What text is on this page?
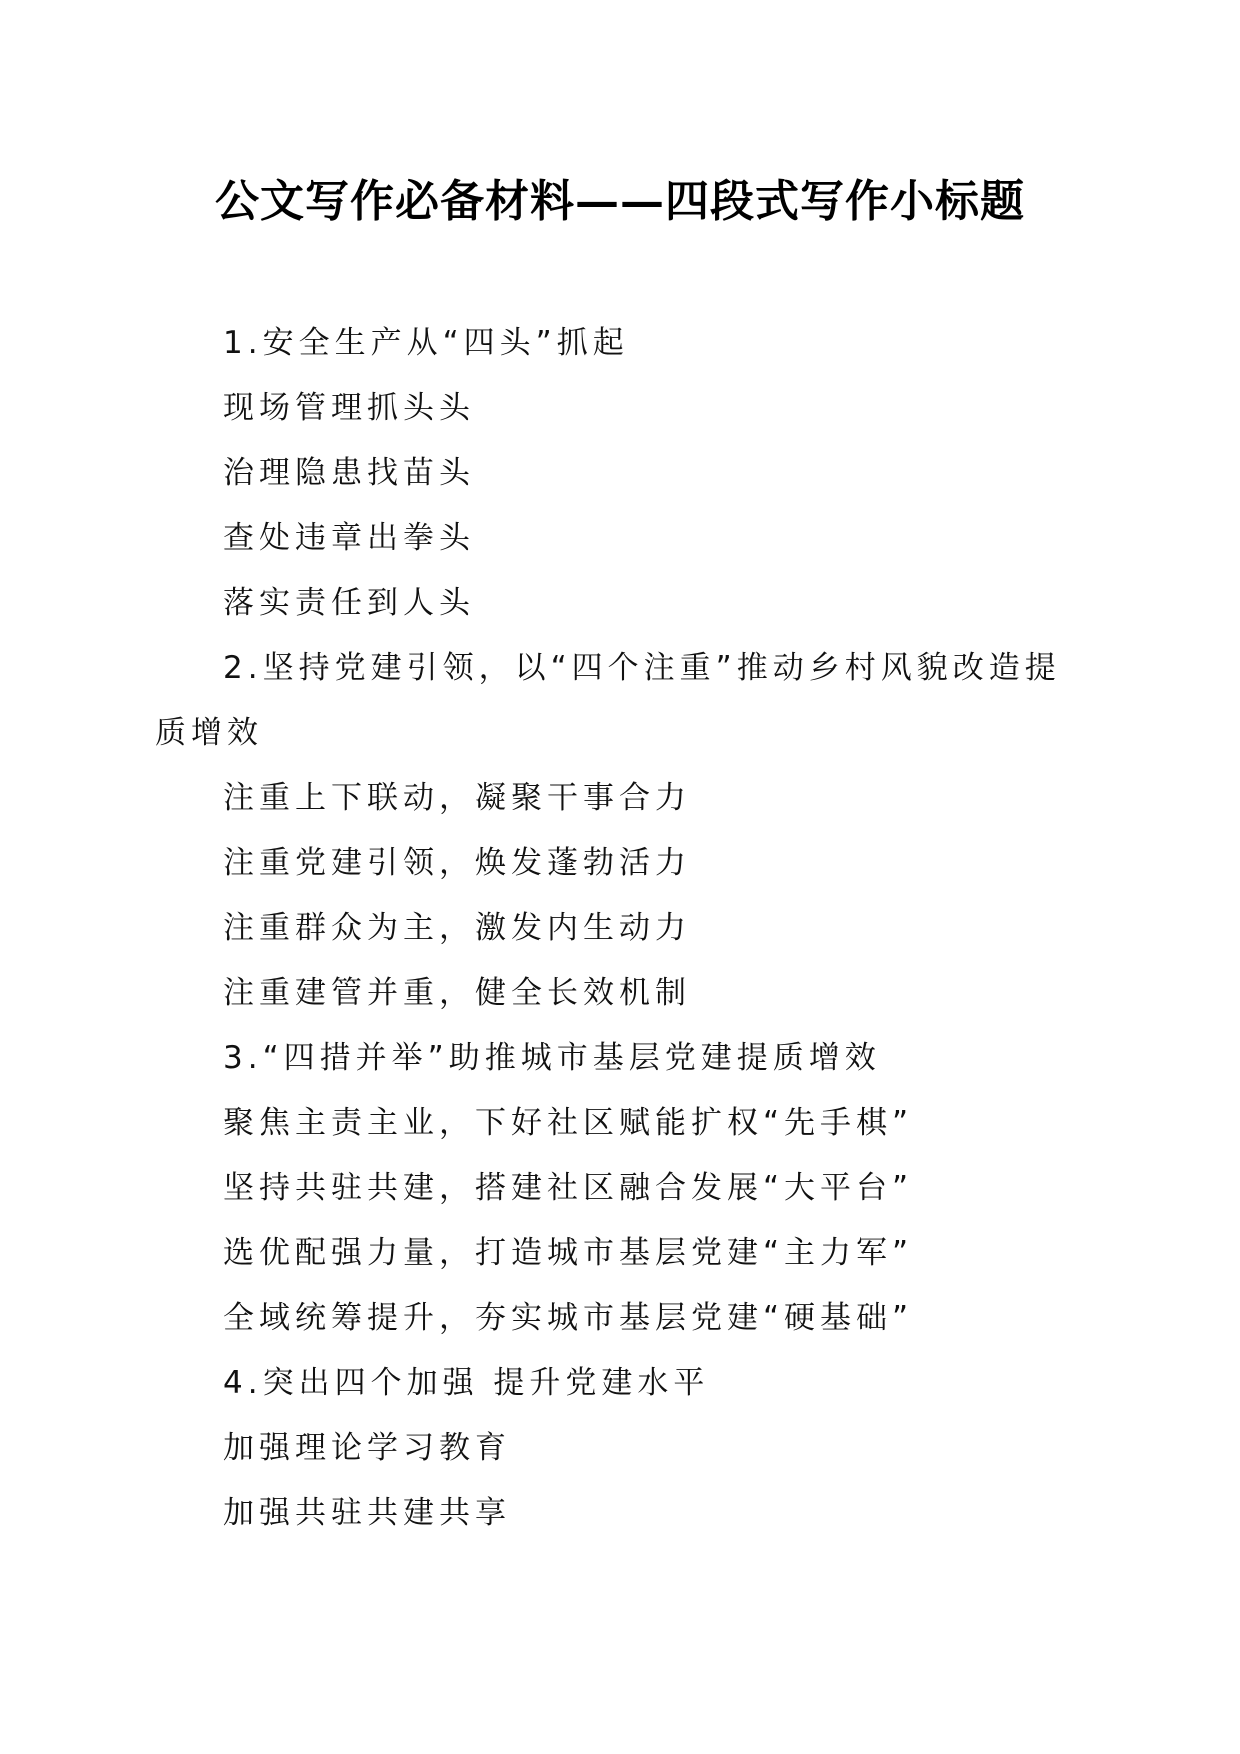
公文写作必备材料——四段式写作小标题

1.安全生产从“四头”抓起

现场管理抓头头

治理隐患找苗头

查处违章出拳头

落实责任到人头

2.坚持党建引领，以“四个注重”推动乡村风貌改造提质增效

注重上下联动，凝聚干事合力

注重党建引领，焕发蓬勃活力

注重群众为主，激发内生动力

注重建管并重，健全长效机制

3.“四措并举”助推城市基层党建提质增效

聚焦主责主业，下好社区赋能扩权“先手棋”

坚持共驻共建，搭建社区融合发展“大平台”

选优配强力量，打造城市基层党建“主力军”

全域统筹提升，夯实城市基层党建“硬基础”

4.突出四个加强 提升党建水平

加强理论学习教育

加强共驻共建共享
